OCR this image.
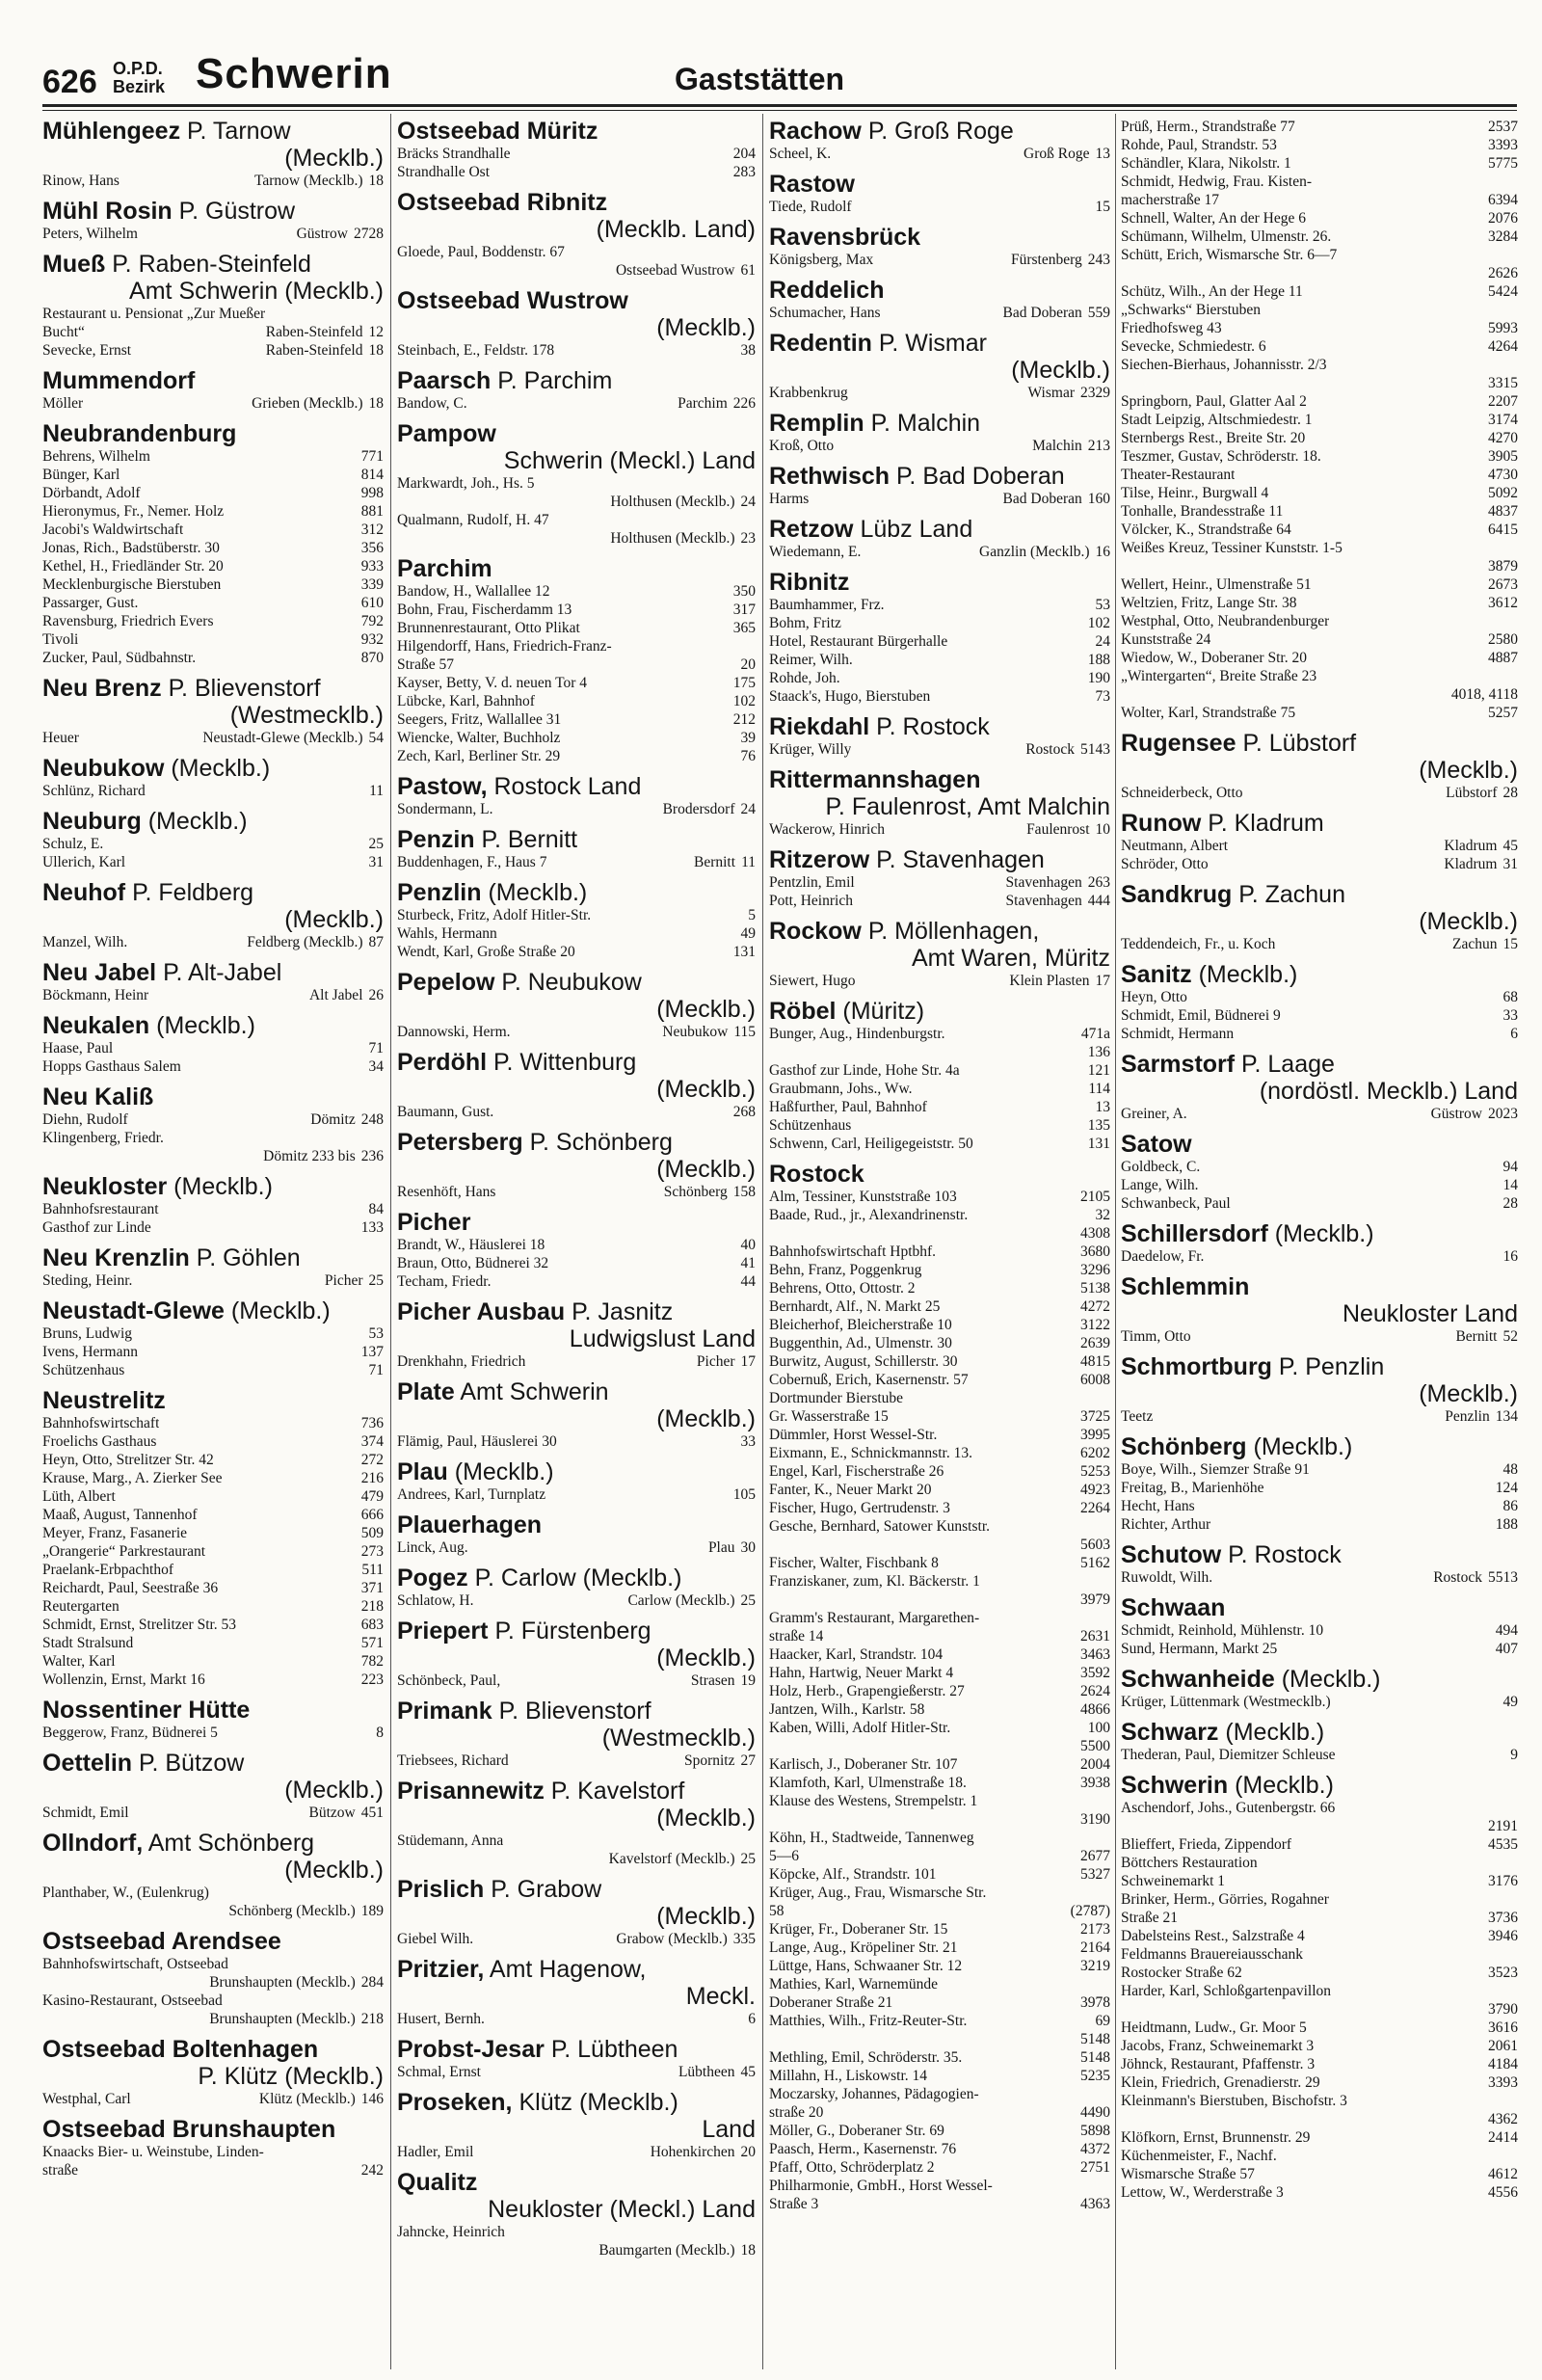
626 O.P.D.
Bezirk Schwerin	Gaststätten
Mühlengeez P. Tarnow
(Mecklb.)
Rinow, Hans	Tarnow (Mecklb.) 18
Mühl Rosin P. Güstrow
Peters, Wilhelm	Güstrow 2728
Mueß P. Raben-Steinfeld
Amt Schwerin (Mecklb.)
Restaurant u. Pensionat „Zur Mueßer
Bucht“	Raben-Steinfeld 12
Sevecke, Ernst	Raben-Steinfeld 18
Mummendorf
Möller	Grieben (Mecklb.) 18
Neubrandenburg
Behrens, Wilhelm	771
Bünger, Karl	814
Dörbandt, Adolf	998
Hieronymus, Fr., Nemer. Holz	881
Jacobi's Waldwirtschaft	312
Jonas, Rich., Badstüberstr. 30	356
Kethel, H., Friedländer Str. 20	933
Mecklenburgische Bierstuben	339
Passarger, Gust.	610
Ravensburg, Friedrich Evers	792
Tivoli	932
Zucker, Paul, Südbahnstr.	870
Neu Brenz P. Blievenstorf
(Westmecklb.)
Heuer	Neustadt-Glewe (Mecklb.) 54
Neubukow (Mecklb.)
Schlünz, Richard	11
Neuburg (Mecklb.)
Schulz, E.	25
Ullerich, Karl	31
Neuhof P. Feldberg
(Mecklb.)
Manzel, Wilh.	Feldberg (Mecklb.) 87
Neu Jabel P. Alt-Jabel
Böckmann, Heinr	Alt Jabel 26
Neukalen (Mecklb.)
Haase, Paul	71
Hopps Gasthaus Salem	34
Neu Kaliß
Diehn, Rudolf	Dömitz 248
Klingenberg, Friedr.
Dömitz 233 bis 236
Neukloster (Mecklb.)
Bahnhofsrestaurant	84
Gasthof zur Linde	133
Neu Krenzlin P. Göhlen
Steding, Heinr.	Picher 25
Neustadt-Glewe (Mecklb.)
Bruns, Ludwig	53
Ivens, Hermann	137
Schützenhaus	71
Neustrelitz
Bahnhofswirtschaft	736
Froelichs Gasthaus	374
Heyn, Otto, Strelitzer Str. 42	272
Krause, Marg., A. Zierker See	216
Lüth, Albert	479
Maaß, August, Tannenhof	666
Meyer, Franz, Fasanerie	509
„Orangerie“ Parkrestaurant	273
Praelank-Erbpachthof	511
Reichardt, Paul, Seestraße 36	371
Reutergarten	218
Schmidt, Ernst, Strelitzer Str. 53	683
Stadt Stralsund	571
Walter, Karl	782
Wollenzin, Ernst, Markt 16	223
Nossentiner Hütte
Beggerow, Franz, Büdnerei 5	8
Oettelin P. Bützow
(Mecklb.)
Schmidt, Emil	Bützow 451
Ollndorf, Amt Schönberg
(Mecklb.)
Planthaber, W., (Eulenkrug)
Schönberg (Mecklb.) 189
Ostseebad Arendsee
Bahnhofswirtschaft, Ostseebad
Brunshaupten (Mecklb.) 284
Kasino-Restaurant, Ostseebad
Brunshaupten (Mecklb.) 218
Ostseebad Boltenhagen
P. Klütz (Mecklb.)
Westphal, Carl	Klütz (Mecklb.) 146
Ostseebad Brunshaupten
Knaacks Bier- u. Weinstube, Linden-
straße	242
Ostseebad Müritz
Bräcks Strandhalle	204
Strandhalle Ost	283
Ostseebad Ribnitz
(Mecklb. Land)
Gloede, Paul, Boddenstr. 67
Ostseebad Wustrow 61
Ostseebad Wustrow
(Mecklb.)
Steinbach, E., Feldstr. 178	38
Paarsch P. Parchim
Bandow, C.	Parchim 226
Pampow
Schwerin (Meckl.) Land
Markwardt, Joh., Hs. 5
Holthusen (Mecklb.) 24
Qualmann, Rudolf, H. 47
Holthusen (Mecklb.) 23
Parchim
Bandow, H., Wallallee 12	350
Bohn, Frau, Fischerdamm 13	317
Brunnenrestaurant, Otto Plikat	365
Hilgendorff, Hans, Friedrich-Franz-
Straße 57	20
Kayser, Betty, V. d. neuen Tor 4	175
Lübcke, Karl, Bahnhof	102
Seegers, Fritz, Wallallee 31	212
Wiencke, Walter, Buchholz	39
Zech, Karl, Berliner Str. 29	76
Pastow, Rostock Land
Sondermann, L.	Brodersdorf 24
Penzin P. Bernitt
Buddenhagen, F., Haus 7	Bernitt 11
Penzlin (Mecklb.)
Sturbeck, Fritz, Adolf Hitler-Str.	5
Wahls, Hermann	49
Wendt, Karl, Große Straße 20	131
Pepelow P. Neubukow
(Mecklb.)
Dannowski, Herm.	Neubukow 115
Perdöhl P. Wittenburg
(Mecklb.)
Baumann, Gust.	268
Petersberg P. Schönberg
(Mecklb.)
Resenhöft, Hans	Schönberg 158
Picher
Brandt, W., Häuslerei 18	40
Braun, Otto, Büdnerei 32	41
Techam, Friedr.	44
Picher Ausbau P. Jasnitz
Ludwigslust Land
Drenkhahn, Friedrich	Picher 17
Plate Amt Schwerin
(Mecklb.)
Flämig, Paul, Häuslerei 30	33
Plau (Mecklb.)
Andrees, Karl, Turnplatz	105
Plauerhagen
Linck, Aug.	Plau 30
Pogez P. Carlow (Mecklb.)
Schlatow, H.	Carlow (Mecklb.) 25
Priepert P. Fürstenberg
(Mecklb.)
Schönbeck, Paul,	Strasen 19
Primank P. Blievenstorf
(Westmecklb.)
Triebsees, Richard	Spornitz 27
Prisannewitz P. Kavelstorf
(Mecklb.)
Stüdemann, Anna
Kavelstorf (Mecklb.) 25
Prislich P. Grabow
(Mecklb.)
Giebel Wilh.	Grabow (Mecklb.) 335
Pritzier, Amt Hagenow,
Meckl.
Husert, Bernh.	6
Probst-Jesar P. Lübtheen
Schmal, Ernst	Lübtheen 45
Proseken, Klütz (Mecklb.)
Land
Hadler, Emil	Hohenkirchen 20
Qualitz
Neukloster (Meckl.) Land
Jahncke, Heinrich
Baumgarten (Mecklb.) 18
Rachow P. Groß Roge
Scheel, K.	Groß Roge 13
Rastow
Tiede, Rudolf	15
Ravensbrück
Königsberg, Max	Fürstenberg 243
Reddelich
Schumacher, Hans	Bad Doberan 559
Redentin P. Wismar
(Mecklb.)
Krabbenkrug	Wismar 2329
Remplin P. Malchin
Kroß, Otto	Malchin 213
Rethwisch P. Bad Doberan
Harms	Bad Doberan 160
Retzow Lübz Land
Wiedemann, E.	Ganzlin (Mecklb.) 16
Ribnitz
Baumhammer, Frz.	53
Bohm, Fritz	102
Hotel, Restaurant Bürgerhalle	24
Reimer, Wilh.	188
Rohde, Joh.	190
Staack's, Hugo, Bierstuben	73
Riekdahl P. Rostock
Krüger, Willy	Rostock 5143
Rittermannshagen
P. Faulenrost, Amt Malchin
Wackerow, Hinrich	Faulenrost 10
Ritzerow P. Stavenhagen
Pentzlin, Emil	Stavenhagen 263
Pott, Heinrich	Stavenhagen 444
Rockow P. Möllenhagen,
Amt Waren, Müritz
Siewert, Hugo	Klein Plasten 17
Röbel (Müritz)
Bunger, Aug., Hindenburgstr.	471a
136
Gasthof zur Linde, Hohe Str. 4a	121
Graubmann, Johs., Ww.	114
Haßfurther, Paul, Bahnhof	13
Schützenhaus	135
Schwenn, Carl, Heiligegeiststr. 50	131
Rostock
Alm, Tessiner, Kunststraße 103	2105
Baade, Rud., jr., Alexandrinenstr.	32
4308
Bahnhofswirtschaft Hptbhf.	3680
Behn, Franz, Poggenkrug	3296
Behrens, Otto, Ottostr. 2	5138
Bernhardt, Alf., N. Markt 25	4272
Bleicherhof, Bleicherstraße 10	3122
Buggenthin, Ad., Ulmenstr. 30	2639
Burwitz, August, Schillerstr. 30	4815
Cobernuß, Erich, Kasernenstr. 57	6008
Dortmunder Bierstube
Gr. Wasserstraße 15	3725
Dümmler, Horst Wessel-Str.	3995
Eixmann, E., Schnickmannstr. 13.	6202
Engel, Karl, Fischerstraße 26	5253
Fanter, K., Neuer Markt 20	4923
Fischer, Hugo, Gertrudenstr. 3	2264
Gesche, Bernhard, Satower Kunststr.
5603
Fischer, Walter, Fischbank 8	5162
Franziskaner, zum, Kl. Bäckerstr. 1
3979
Gramm's Restaurant, Margarethen-
straße 14	2631
Haacker, Karl, Strandstr. 104	3463
Hahn, Hartwig, Neuer Markt 4	3592
Holz, Herb., Grapengießerstr. 27	2624
Jantzen, Wilh., Karlstr. 58	4866
Kaben, Willi, Adolf Hitler-Str.	100
5500
Karlisch, J., Doberaner Str. 107	2004
Klamfoth, Karl, Ulmenstraße 18.	3938
Klause des Westens, Strempelstr. 1
3190
Köhn, H., Stadtweide, Tannenweg
5—6	2677
Köpcke, Alf., Strandstr. 101	5327
Krüger, Aug., Frau, Wismarsche Str.
58	(2787)
Krüger, Fr., Doberaner Str. 15	2173
Lange, Aug., Kröpeliner Str. 21	2164
Lüttge, Hans, Schwaaner Str. 12	3219
Mathies, Karl, Warnemünde
Doberaner Straße 21	3978
Matthies, Wilh., Fritz-Reuter-Str.	69
5148
Methling, Emil, Schröderstr. 35.	5148
Millahn, H., Liskowstr. 14	5235
Moczarsky, Johannes, Pädagogien-
straße 20	4490
Möller, G., Doberaner Str. 69	5898
Paasch, Herm., Kasernenstr. 76	4372
Pfaff, Otto, Schröderplatz 2	2751
Philharmonie, GmbH., Horst Wessel-
Straße 3	4363
Prüß, Herm., Strandstraße 77	2537
Rohde, Paul, Strandstr. 53	3393
Schändler, Klara, Nikolstr. 1	5775
Schmidt, Hedwig, Frau. Kisten-
macherstraße 17	6394
Schnell, Walter, An der Hege 6	2076
Schümann, Wilhelm, Ulmenstr. 26.	3284
Schütt, Erich, Wismarsche Str. 6—7
2626
Schütz, Wilh., An der Hege 11	5424
„Schwarks“ Bierstuben
Friedhofsweg 43	5993
Sevecke, Schmiedestr. 6	4264
Siechen-Bierhaus, Johannisstr. 2/3
3315
Springborn, Paul, Glatter Aal 2	2207
Stadt Leipzig, Altschmiedestr. 1	3174
Sternbergs Rest., Breite Str. 20	4270
Teszmer, Gustav, Schröderstr. 18.	3905
Theater-Restaurant	4730
Tilse, Heinr., Burgwall 4	5092
Tonhalle, Brandesstraße 11	4837
Völcker, K., Strandstraße 64	6415
Weißes Kreuz, Tessiner Kunststr. 1-5
3879
Wellert, Heinr., Ulmenstraße 51	2673
Weltzien, Fritz, Lange Str. 38	3612
Westphal, Otto, Neubrandenburger
Kunststraße 24	2580
Wiedow, W., Doberaner Str. 20	4887
„Wintergarten“, Breite Straße 23
4018, 4118
Wolter, Karl, Strandstraße 75	5257
Rugensee P. Lübstorf
(Mecklb.)
Schneiderbeck, Otto	Lübstorf 28
Runow P. Kladrum
Neutmann, Albert	Kladrum 45
Schröder, Otto	Kladrum 31
Sandkrug P. Zachun
(Mecklb.)
Teddendeich, Fr., u. Koch	Zachun 15
Sanitz (Mecklb.)
Heyn, Otto	68
Schmidt, Emil, Büdnerei 9	33
Schmidt, Hermann	6
Sarmstorf P. Laage
(nordöstl. Mecklb.) Land
Greiner, A.	Güstrow 2023
Satow
Goldbeck, C.	94
Lange, Wilh.	14
Schwanbeck, Paul	28
Schillersdorf (Mecklb.)
Daedelow, Fr.	16
Schlemmin
Neukloster Land
Timm, Otto	Bernitt 52
Schmortburg P. Penzlin
(Mecklb.)
Teetz	Penzlin 134
Schönberg (Mecklb.)
Boye, Wilh., Siemzer Straße 91	48
Freitag, B., Marienhöhe	124
Hecht, Hans	86
Richter, Arthur	188
Schutow P. Rostock
Ruwoldt, Wilh.	Rostock 5513
Schwaan
Schmidt, Reinhold, Mühlenstr. 10	494
Sund, Hermann, Markt 25	407
Schwanheide (Mecklb.)
Krüger, Lüttenmark (Westmecklb.)	49
Schwarz (Mecklb.)
Thederan, Paul, Diemitzer Schleuse	9
Schwerin (Mecklb.)
Aschendorf, Johs., Gutenbergstr. 66
2191
Blieffert, Frieda, Zippendorf	4535
Böttchers Restauration
Schweinemarkt 1	3176
Brinker, Herm., Görries, Rogahner
Straße 21	3736
Dabelsteins Rest., Salzstraße 4	3946
Feldmanns Brauereiausschank
Rostocker Straße 62	3523
Harder, Karl, Schloßgartenpavillon
3790
Heidtmann, Ludw., Gr. Moor 5	3616
Jacobs, Franz, Schweinemarkt 3	2061
Jöhnck, Restaurant, Pfaffenstr. 3	4184
Klein, Friedrich, Grenadierstr. 29	3393
Kleinmann's Bierstuben, Bischofstr. 3
4362
Klöfkorn, Ernst, Brunnenstr. 29	2414
Küchenmeister, F., Nachf.
Wismarsche Straße 57	4612
Lettow, W., Werderstraße 3	4556
